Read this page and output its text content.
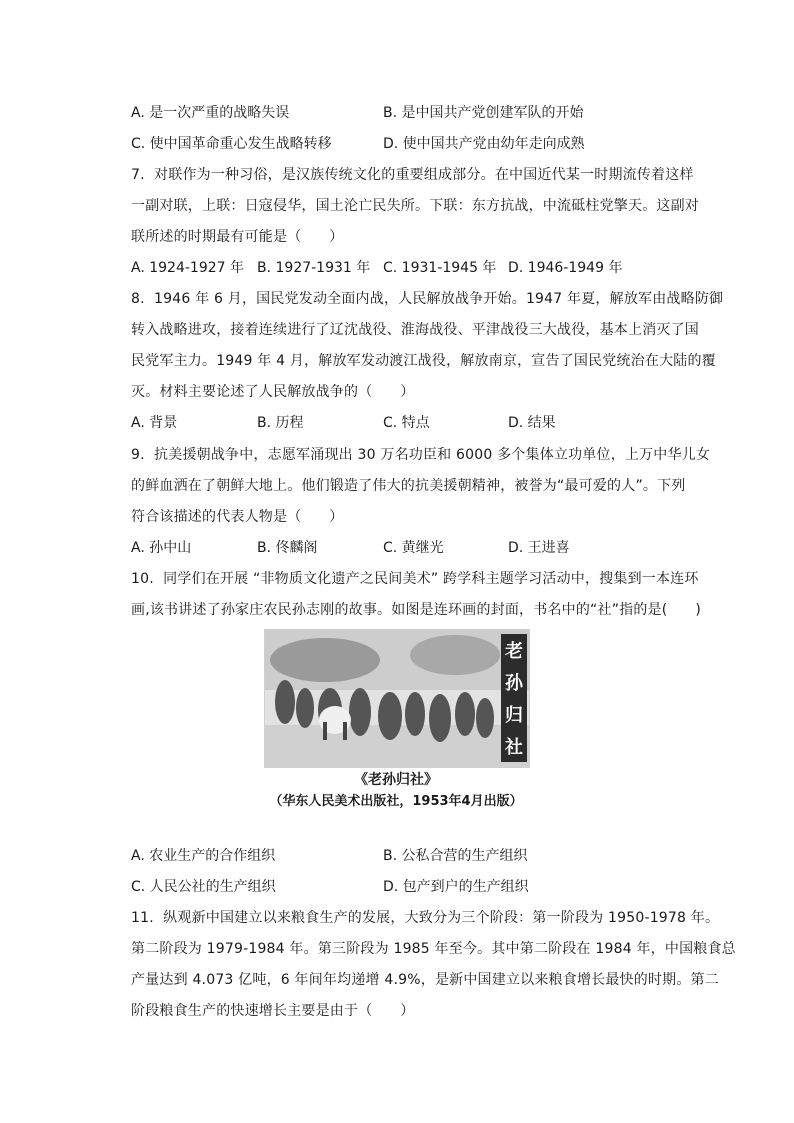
A. 是一次严重的战略失误	B. 是中国共产党创建军队的开始
C. 使中国革命重心发生战略转移	D. 使中国共产党由幼年走向成熟
7.  对联作为一种习俗，是汉族传统文化的重要组成部分。在中国近代某一时期流传着这样
一副对联，上联：日寇侵华，国土沦亡民失所。下联：东方抗战，中流砥柱党擎天。这副对
联所述的时期最有可能是（      ）
A. 1924-1927 年 B. 1927-1931 年 C. 1931-1945 年 D. 1946-1949 年
8.  1946 年 6 月，国民党发动全面内战，人民解放战争开始。1947 年夏，解放军由战略防御
转入战略进攻，接着连续进行了辽沈战役、淮海战役、平津战役三大战役，基本上消灭了国
民党军主力。1949 年 4 月，解放军发动渡江战役，解放南京，宣告了国民党统治在大陆的覆
灭。材料主要论述了人民解放战争的（      ）
A. 背景	B. 历程	C. 特点	D. 结果
9.  抗美援朝战争中，志愿军涌现出 30 万名功臣和 6000 多个集体立功单位，上万中华儿女
的鲜血洒在了朝鲜大地上。他们锻造了伟大的抗美援朝精神，被誉为“最可爱的人”。下列
符合该描述的代表人物是（      ）
A. 孙中山	B. 佟麟阁	C. 黄继光	D. 王进喜
10.  同学们在开展 “非物质文化遗产之民间美术” 跨学科主题学习活动中，搜集到一本连环
画,该书讲述了孙家庄农民孙志刚的故事。如图是连环画的封面，书名中的“社”指的是(      )
老
孙
归
社
《老孙归社》
（华东人民美术出版社，1953年4月出版）
A. 农业生产的合作组织	B. 公私合营的生产组织
C. 人民公社的生产组织	D. 包产到户的生产组织
11.  纵观新中国建立以来粮食生产的发展，大致分为三个阶段：第一阶段为 1950-1978 年。
第二阶段为 1979-1984 年。第三阶段为 1985 年至今。其中第二阶段在 1984 年，中国粮食总
产量达到 4.073 亿吨，6 年间年均递增 4.9%，是新中国建立以来粮食增长最快的时期。第二
阶段粮食生产的快速增长主要是由于（      ）
